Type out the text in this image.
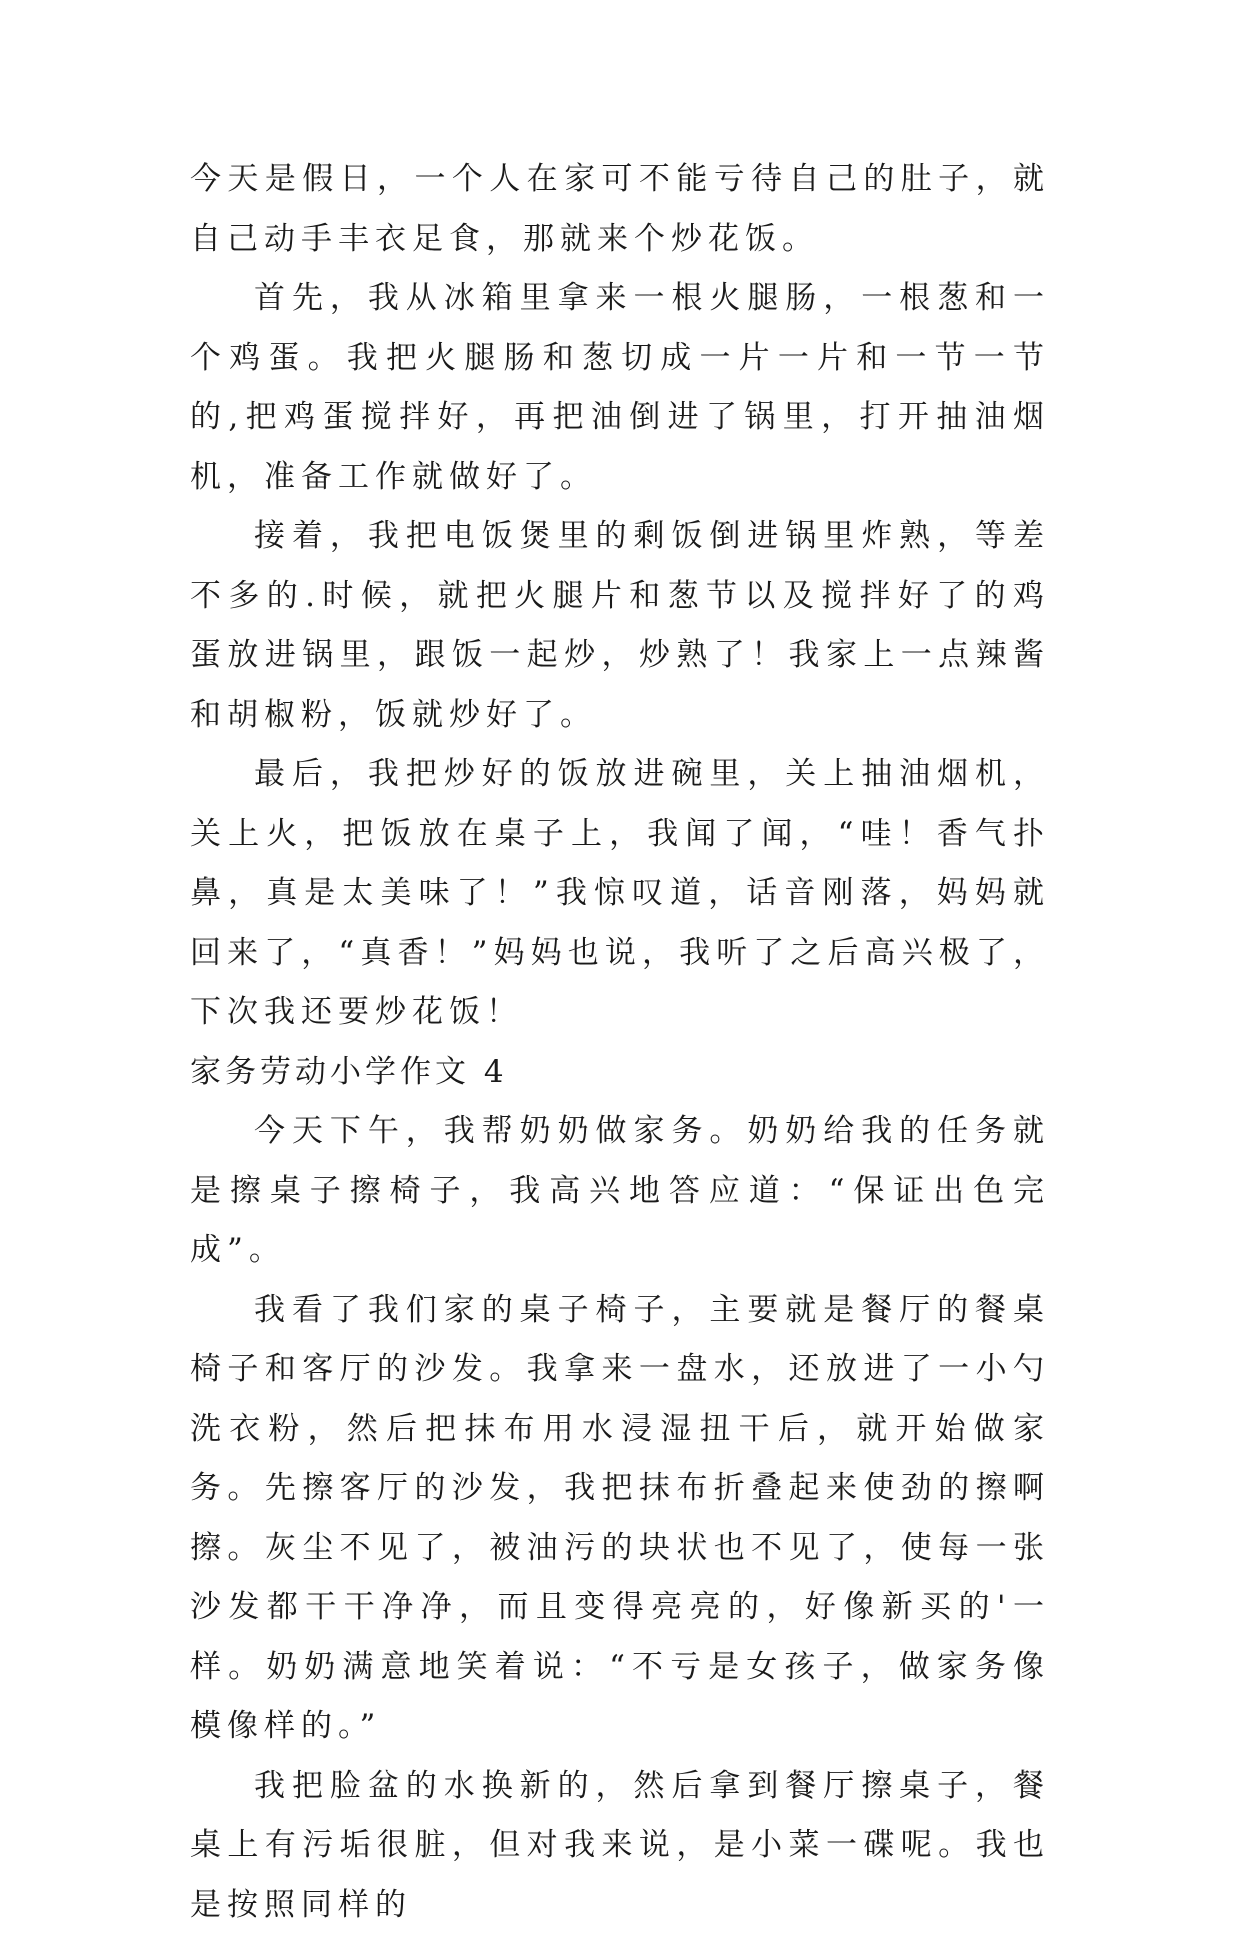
今天是假日，一个人在家可不能亏待自己的肚子，就自己动手丰衣足食，那就来个炒花饭。

首先，我从冰箱里拿来一根火腿肠，一根葱和一个鸡蛋。我把火腿肠和葱切成一片一片和一节一节的,把鸡蛋搅拌好，再把油倒进了锅里，打开抽油烟机，准备工作就做好了。

接着，我把电饭煲里的剩饭倒进锅里炸熟，等差不多的.时候，就把火腿片和葱节以及搅拌好了的鸡蛋放进锅里，跟饭一起炒，炒熟了！我家上一点辣酱和胡椒粉，饭就炒好了。

最后，我把炒好的饭放进碗里，关上抽油烟机，关上火，把饭放在桌子上，我闻了闻，“哇！香气扑鼻，真是太美味了！”我惊叹道，话音刚落，妈妈就回来了，“真香！”妈妈也说，我听了之后高兴极了，下次我还要炒花饭！

家务劳动小学作文 4

今天下午，我帮奶奶做家务。奶奶给我的任务就是擦桌子擦椅子，我高兴地答应道：“保证出色完成”。

我看了我们家的桌子椅子，主要就是餐厅的餐桌椅子和客厅的沙发。我拿来一盘水，还放进了一小勺洗衣粉，然后把抹布用水浸湿扭干后，就开始做家务。先擦客厅的沙发，我把抹布折叠起来使劲的擦啊擦。灰尘不见了，被油污的块状也不见了，使每一张沙发都干干净净，而且变得亮亮的，好像新买的'一样。奶奶满意地笑着说：“不亏是女孩子，做家务像模像样的。”

我把脸盆的水换新的，然后拿到餐厅擦桌子，餐桌上有污垢很脏，但对我来说，是小菜一碟呢。我也是按照同样的
